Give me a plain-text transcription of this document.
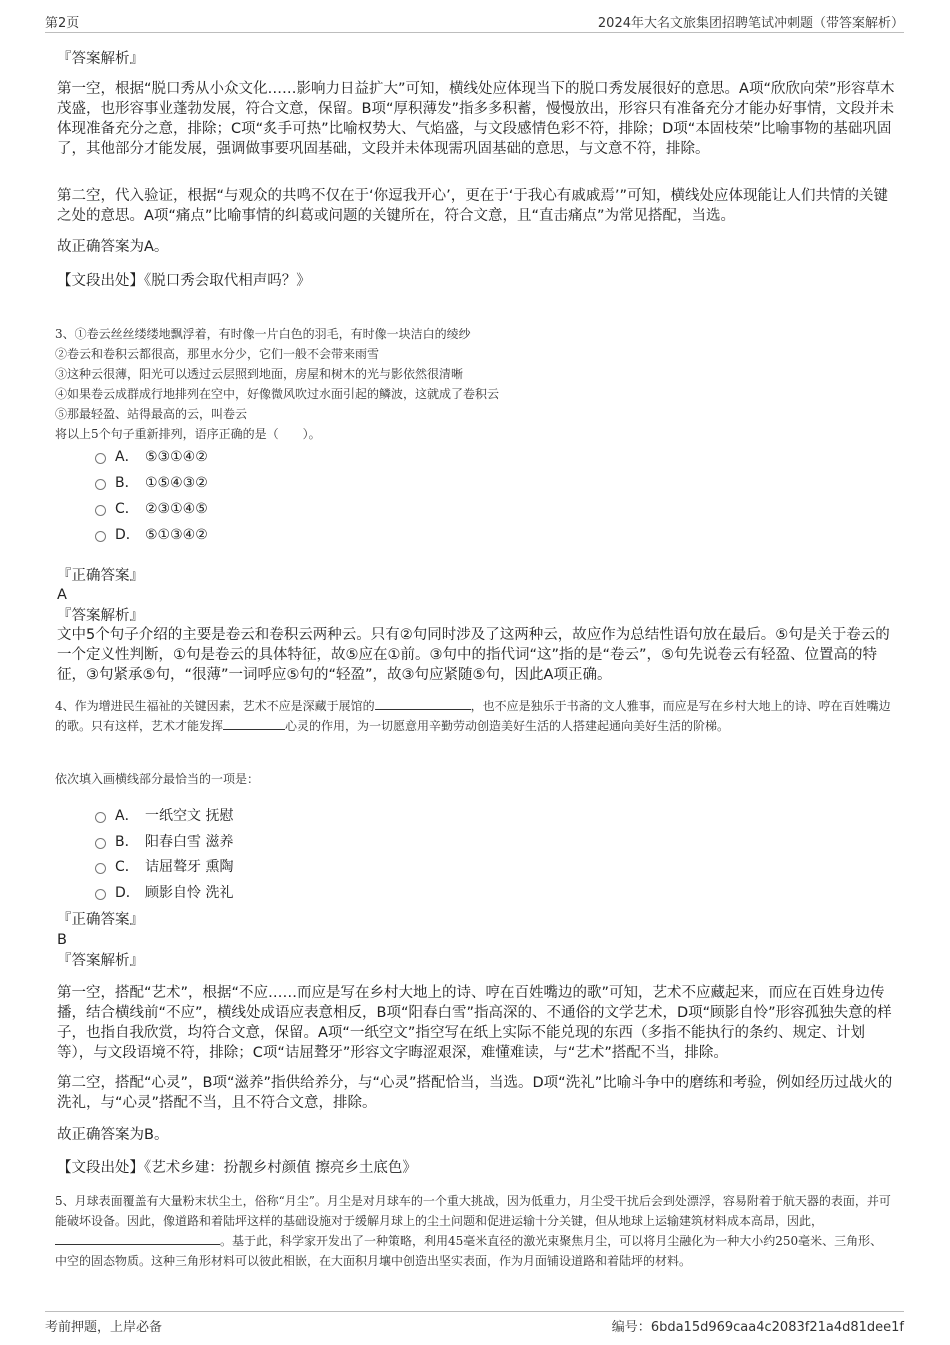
第2页	2024年大名文旅集团招聘笔试冲刺题（带答案解析）
『答案解析』
第一空，根据“脱口秀从小众文化……影响力日益扩大”可知，横线处应体现当下的脱口秀发展很好的意思。A项“欣欣向荣”形容草木茂盛，也形容事业蓬勃发展，符合文意，保留。B项“厚积薄发”指多多积蓄，慢慢放出，形容只有准备充分才能办好事情，文段并未体现准备充分之意，排除；C项“炙手可热”比喻权势大、气焰盛，与文段感情色彩不符，排除；D项“本固枝荣”比喻事物的基础巩固了，其他部分才能发展，强调做事要巩固基础，文段并未体现需巩固基础的意思，与文意不符，排除。
第二空，代入验证，根据“与观众的共鸣不仅在于‘你逗我开心’，更在于‘于我心有戚戚焉’”可知，横线处应体现能让人们共情的关键之处的意思。A项“痛点”比喻事情的纠葛或问题的关键所在，符合文意，且“直击痛点”为常见搭配，当选。
故正确答案为A。
【文段出处】《脱口秀会取代相声吗？》
3、①卷云丝丝缕缕地飘浮着，有时像一片白色的羽毛，有时像一块洁白的绫纱
②卷云和卷积云都很高，那里水分少，它们一般不会带来雨雪
③这种云很薄，阳光可以透过云层照到地面，房屋和树木的光与影依然很清晰
④如果卷云成群成行地排列在空中，好像微风吹过水面引起的鳞波，这就成了卷积云
⑤那最轻盈、站得最高的云，叫卷云
将以上5个句子重新排列，语序正确的是（　　）。
A． ⑤③①④②
B． ①⑤④③②
C． ②③①④⑤
D． ⑤①③④②
『正确答案』
A
『答案解析』
文中5个句子介绍的主要是卷云和卷积云两种云。只有②句同时涉及了这两种云，故应作为总结性语句放在最后。⑤句是关于卷云的一个定义性判断，①句是卷云的具体特征，故⑤应在①前。③句中的指代词“这”指的是“卷云”，⑤句先说卷云有轻盈、位置高的特征，③句紧承⑤句，“很薄”一词呼应⑤句的“轻盈”，故③句应紧随⑤句，因此A项正确。
4、作为增进民生福祉的关键因素，艺术不应是深藏于展馆的	，也不应是独乐于书斋的文人雅事，而应是写在乡村大地上的诗、哼在百姓嘴边的歌。只有这样，艺术才能发挥	心灵的作用，为一切愿意用辛勤劳动创造美好生活的人搭建起通向美好生活的阶梯。
依次填入画横线部分最恰当的一项是：
A． 一纸空文 抚慰
B． 阳春白雪 滋养
C． 诘屈聱牙 熏陶
D． 顾影自怜 洗礼
『正确答案』
B
『答案解析』
第一空，搭配“艺术”，根据“不应……而应是写在乡村大地上的诗、哼在百姓嘴边的歌”可知，艺术不应藏起来，而应在百姓身边传播，结合横线前“不应”，横线处成语应表意相反，B项“阳春白雪”指高深的、不通俗的文学艺术，D项“顾影自怜”形容孤独失意的样子，也指自我欣赏，均符合文意，保留。A项“一纸空文”指空写在纸上实际不能兑现的东西（多指不能执行的条约、规定、计划等），与文段语境不符，排除；C项“诘屈聱牙”形容文字晦涩艰深，难懂难读，与“艺术”搭配不当，排除。
第二空，搭配“心灵”，B项“滋养”指供给养分，与“心灵”搭配恰当，当选。D项“洗礼”比喻斗争中的磨练和考验，例如经历过战火的洗礼，与“心灵”搭配不当，且不符合文意，排除。
故正确答案为B。
【文段出处】《艺术乡建：扮靓乡村颜值 擦亮乡土底色》
5、月球表面覆盖有大量粉末状尘土，俗称“月尘”。月尘是对月球车的一个重大挑战，因为低重力，月尘受干扰后会到处漂浮，容易附着于航天器的表面，并可能破坏设备。因此，像道路和着陆坪这样的基础设施对于缓解月球上的尘土问题和促进运输十分关键，但从地球上运输建筑材料成本高昂，因此，。基于此，科学家开发出了一种策略，利用45毫米直径的激光束聚焦月尘，可以将月尘融化为一种大小约250毫米、三角形、中空的固态物质。这种三角形材料可以彼此相嵌，在大面积月壤中创造出坚实表面，作为月面铺设道路和着陆坪的材料。
考前押题，上岸必备	编号：6bda15d969caa4c2083f21a4d81dee1f
